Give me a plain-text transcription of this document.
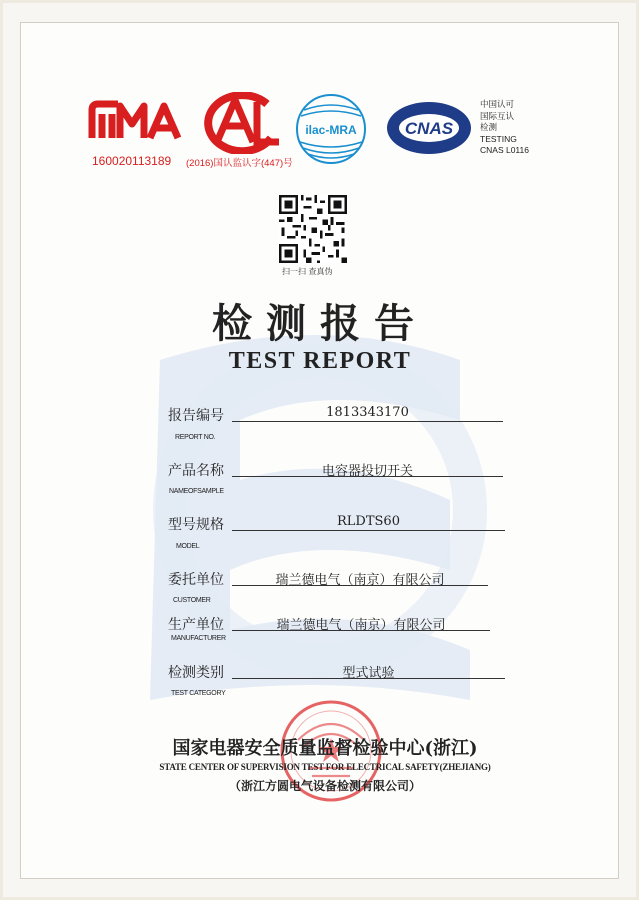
160020113189 (2016)国认监认字(447)号
ilac-MRA	CNAS
中国认可
国际互认
检测
TESTING
CNAS L0116
扫一扫 查真伪
检测报告
TEST REPORT
报告编号
REPORT NO.
1813343170
产品名称
NAMEOFSAMPLE
电容器投切开关
型号规格
MODEL
RLDTS60
委托单位
CUSTOMER
瑞兰德电气（南京）有限公司
生产单位
MANUFACTURER
瑞兰德电气（南京）有限公司
检测类别
TEST CATEGORY
型式试验
国家电器安全质量监督检验中心(浙江)
STATE CENTER OF SUPERVISION TEST FOR ELECTRICAL SAFETY(ZHEJIANG)
（浙江方圆电气设备检测有限公司）
